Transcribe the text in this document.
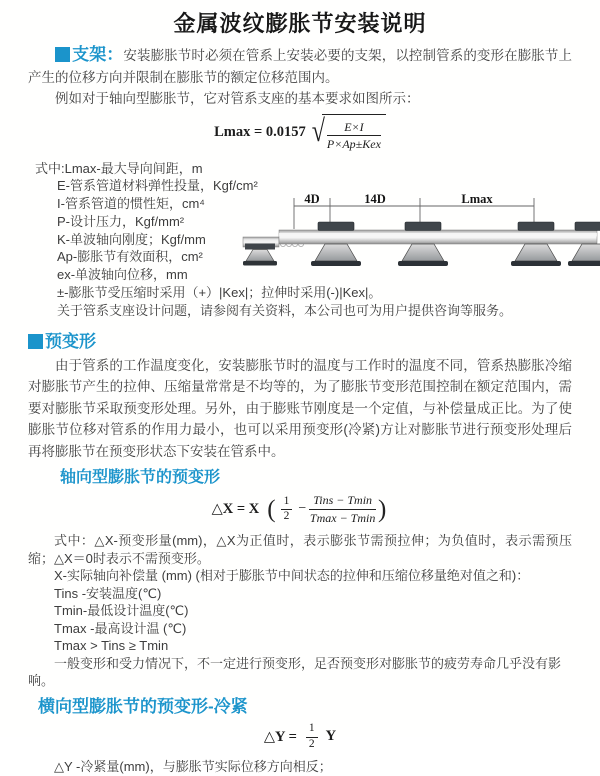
金属波纹膨胀节安装说明

支架：安装膨胀节时必须在管系上安装必要的支架，以控制管系的变形在膨胀节上产生的位移方向并限制在膨胀节的额定位移范围内。

例如对于轴向型膨胀节，它对管系支座的基本要求如图所示：

Lmax = 0.0157 √ $\frac{E\times I}{\text{P×Ap±Kex}}$
式中:Lmax-最大导向间距，m
E-管系管道材料弹性投量，Kgf/cm²
I-管系管道的惯性矩，cm⁴
P-设计压力，Kgf/mm²
K-单波轴向刚度；Kgf/mm
Ap-膨胀节有效面积，cm²
ex-单波轴向位移，mm
±-膨胀节受压缩时采用（+）|Kex|；拉伸时采用(-)|Kex|。
关于管系支座设计问题，请参阅有关资料，本公司也可为用户提供咨询等服务。
4D	14D	Lmax
预变形

由于管系的工作温度变化，安装膨胀节时的温度与工作时的温度不同，管系热膨胀冷缩对膨胀节产生的拉伸、压缩量常常是不均等的，为了膨胀节变形范围控制在额定范围内，需要对膨胀节采取预变形处理。另外，由于膨账节刚度是一个定值，与补偿量成正比。为了使膨胀节位移对管系的作用力最小，也可以采用预变形(冷紧)方让对膨胀节进行预变形处理后再将膨胀节在预变形状态下安装在管系中。

轴向型膨胀节的预变形
△X = X ( $\frac{1}{2} - \frac{\text{Tins − Tmin}}{Tmax - Tmin}$ )
式中：△X-预变形量(mm)，△X为正值时，表示膨张节需预拉伸；为负值时，表示需预压缩；△X＝0时表示不需预变形。
X-实际轴向补偿量 (mm) (相对于膨胀节中间状态的拉伸和压缩位移量绝对值之和)：
Tins -安装温度(℃)
Tmin-最低设计温度(℃)
Tmax -最高设计温 (℃)
Tmax > Tins ≥ Tmin
一般变形和受力情况下，不一定进行预变形，足否预变形对膨胀节的疲劳寿命几乎没有影响。
横向型膨胀节的预变形-冷紧
△Y = $\frac{1}{2}$ Y
△Y -冷紧量(mm)，与膨胀节实际位移方向相反；
